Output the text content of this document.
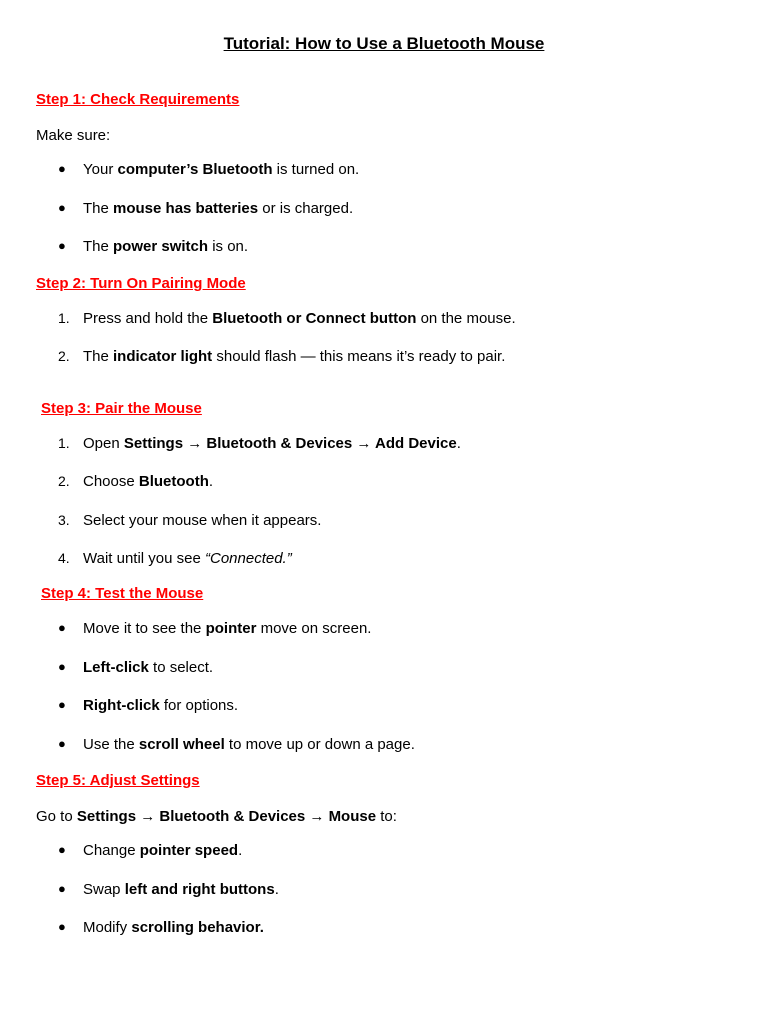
Tutorial: How to Use a Bluetooth Mouse
Step 1: Check Requirements

Make sure:

● Your computer’s Bluetooth is turned on.

● The mouse has batteries or is charged.

● The power switch is on.

Step 2: Turn On Pairing Mode

1. Press and hold the Bluetooth or Connect button on the mouse.

2. The indicator light should flash — this means it’s ready to pair.

Step 3: Pair the Mouse

1. Open Settings → Bluetooth & Devices → Add Device.

2. Choose Bluetooth.

3. Select your mouse when it appears.

4. Wait until you see “Connected.”

Step 4: Test the Mouse

● Move it to see the pointer move on screen.

● Left-click to select.

● Right-click for options.

● Use the scroll wheel to move up or down a page.

Step 5: Adjust Settings

Go to Settings → Bluetooth & Devices → Mouse to:

● Change pointer speed.

● Swap left and right buttons.

● Modify scrolling behavior.
